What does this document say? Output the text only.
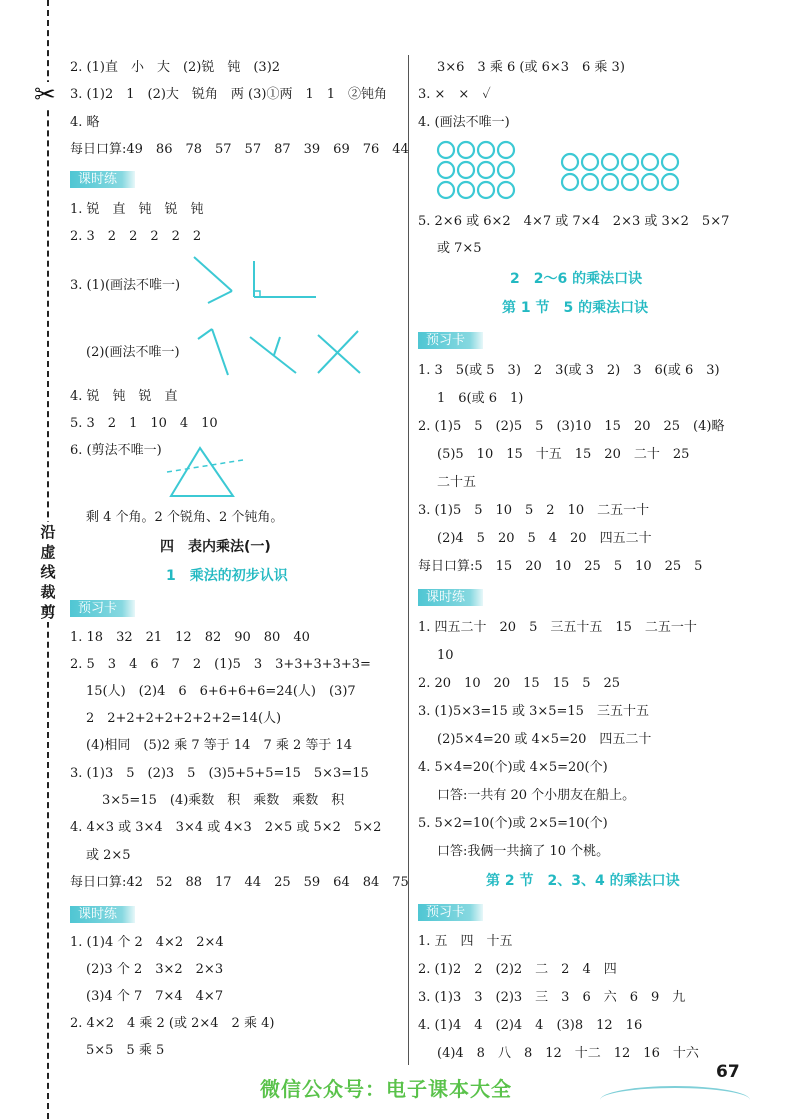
✂
沿虚线裁剪
2. (1)直　小　大　(2)锐　钝　(3)2
3. (1)2　1　(2)大　锐角　两 (3)①两　1　1　②钝角
4. 略
每日口算:49　86　78　57　57　87　39　69　76　44
课时练
1. 锐　直　钝　锐　钝
2. 3　2　2　2　2　2
3. (1)(画法不唯一)
(2)(画法不唯一)
4. 锐　钝　锐　直
5. 3　2　1　10　4　10
6. (剪法不唯一)
剩 4 个角。2 个锐角、2 个钝角。
四　表内乘法(一)
1　乘法的初步认识
预习卡
1. 18　32　21　12　82　90　80　40
2. 5　3　4　6　7　2　(1)5　3　3+3+3+3+3=
15(人)　(2)4　6　6+6+6+6=24(人)　(3)7
2　2+2+2+2+2+2+2=14(人)
(4)相同　(5)2 乘 7 等于 14　7 乘 2 等于 14
3. (1)3　5　(2)3　5　(3)5+5+5=15　5×3=15
3×5=15　(4)乘数　积　乘数　乘数　积
4. 4×3 或 3×4　3×4 或 4×3　2×5 或 5×2　5×2
或 2×5
每日口算:42　52　88　17　44　25　59　64　84　75
课时练
1. (1)4 个 2　4×2　2×4
(2)3 个 2　3×2　2×3
(3)4 个 7　7×4　4×7
2. 4×2　4 乘 2 (或 2×4　2 乘 4)
5×5　5 乘 5
3×6　3 乘 6 (或 6×3　6 乘 3)
3. ×　×　✓
4. (画法不唯一)
5. 2×6 或 6×2　4×7 或 7×4　2×3 或 3×2　5×7
或 7×5
2　2～6 的乘法口诀
第 1 节　5 的乘法口诀
预习卡
1. 3　5(或 5　3)　2　3(或 3　2)　3　6(或 6　3)
1　6(或 6　1)
2. (1)5　5　(2)5　5　(3)10　15　20　25　(4)略
(5)5　10　15　十五　15　20　二十　25
二十五
3. (1)5　5　10　5　2　10　二五一十
(2)4　5　20　5　4　20　四五二十
每日口算:5　15　20　10　25　5　10　25　5
课时练
1. 四五二十　20　5　三五十五　15　二五一十
10
2. 20　10　20　15　15　5　25
3. (1)5×3=15 或 3×5=15　三五十五
(2)5×4=20 或 4×5=20　四五二十
4. 5×4=20(个)或 4×5=20(个)
口答:一共有 20 个小朋友在船上。
5. 5×2=10(个)或 2×5=10(个)
口答:我俩一共摘了 10 个桃。
第 2 节　2、3、4 的乘法口诀
预习卡
1. 五　四　十五
2. (1)2　2　(2)2　二　2　4　四
3. (1)3　3　(2)3　三　3　6　六　6　9　九
4. (1)4　4　(2)4　4　(3)8　12　16
(4)4　8　八　8　12　十二　12　16　十六
67
微信公众号：电子课本大全
